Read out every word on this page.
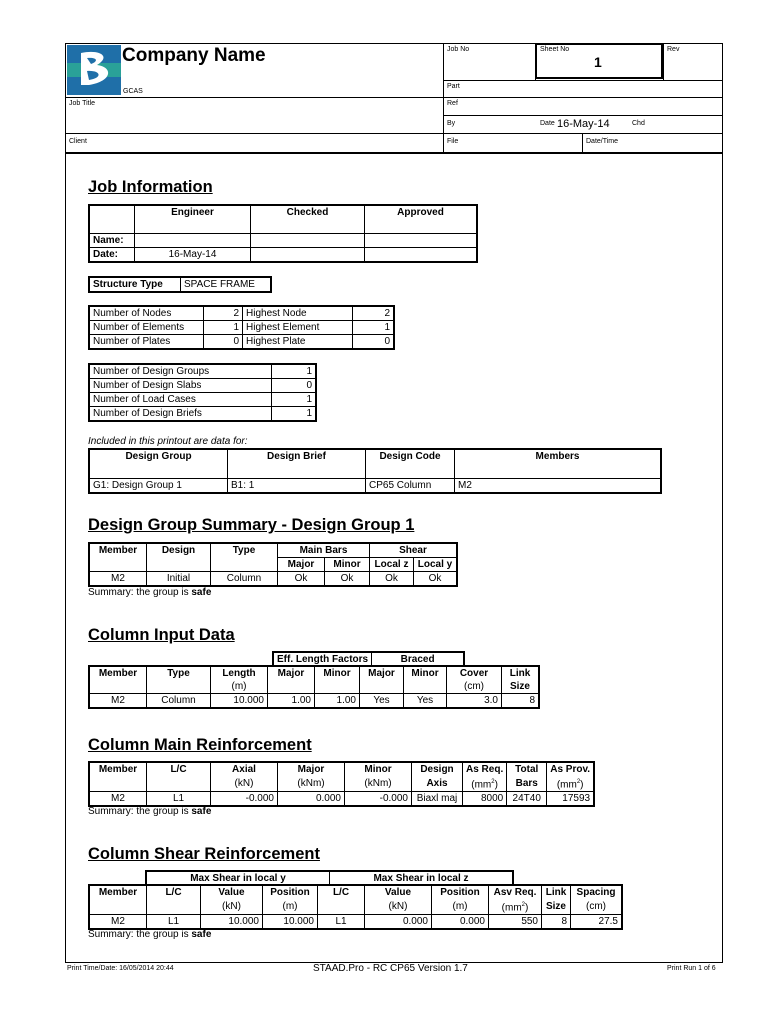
Company Name
GCAS
Job No	Sheet No
1
Rev
Part
Job Title	Ref
By	Date 16-May-14	Chd
Client	File	Date/Time
Job Information
	Engineer	Checked	Approved
Name:			
Date:	16-May-14		
Structure Type	SPACE FRAME
Number of Nodes	2	Highest Node	2
Number of Elements	1	Highest Element	1
Number of Plates	0	Highest Plate	0
Number of Design Groups	1
Number of Design Slabs	0
Number of Load Cases	1
Number of Design Briefs	1
Included in this printout are data for:
Design Group	Design Brief	Design Code	Members
G1: Design Group 1	B1: 1	CP65 Column	M2
Design Group Summary - Design Group 1
Member	Design	Type	Main Bars		Shear	
			Major	Minor	Local z	Local y
M2	Initial	Column	Ok	Ok	Ok	Ok
Summary: the group is safe
Column Input Data
Eff. Length Factors	Braced
Member	Type	Length	Major	Minor	Major	Minor	Cover	Link
		(m)					(cm)	Size
M2	Column	10.000	1.00	1.00	Yes	Yes	3.0	8
Column Main Reinforcement
Member	L/C	Axial	Major	Minor	Design	As Req.	Total	As Prov.
		(kN)	(kNm)	(kNm)	Axis	$(mm^2)$	Bars	$(mm^2)$
M2	L1	-0.000	0.000	-0.000	Biaxl maj	8000	24T40	17593
Summary: the group is safe
Column Shear Reinforcement
Max Shear in local y	Max Shear in local z
Member	L/C	Value	Position	L/C	Value	Position	Asv Req.	Link	Spacing
		(kN)	(m)		(kN)	(m)	$(mm^2)$	Size	(cm)
M2	L1	10.000	10.000	L1	0.000	0.000	550	8	27.5
Summary: the group is safe
Print Time/Date: 16/05/2014 20:44	STAAD.Pro - RC CP65 Version 1.7	Print Run 1 of 6
